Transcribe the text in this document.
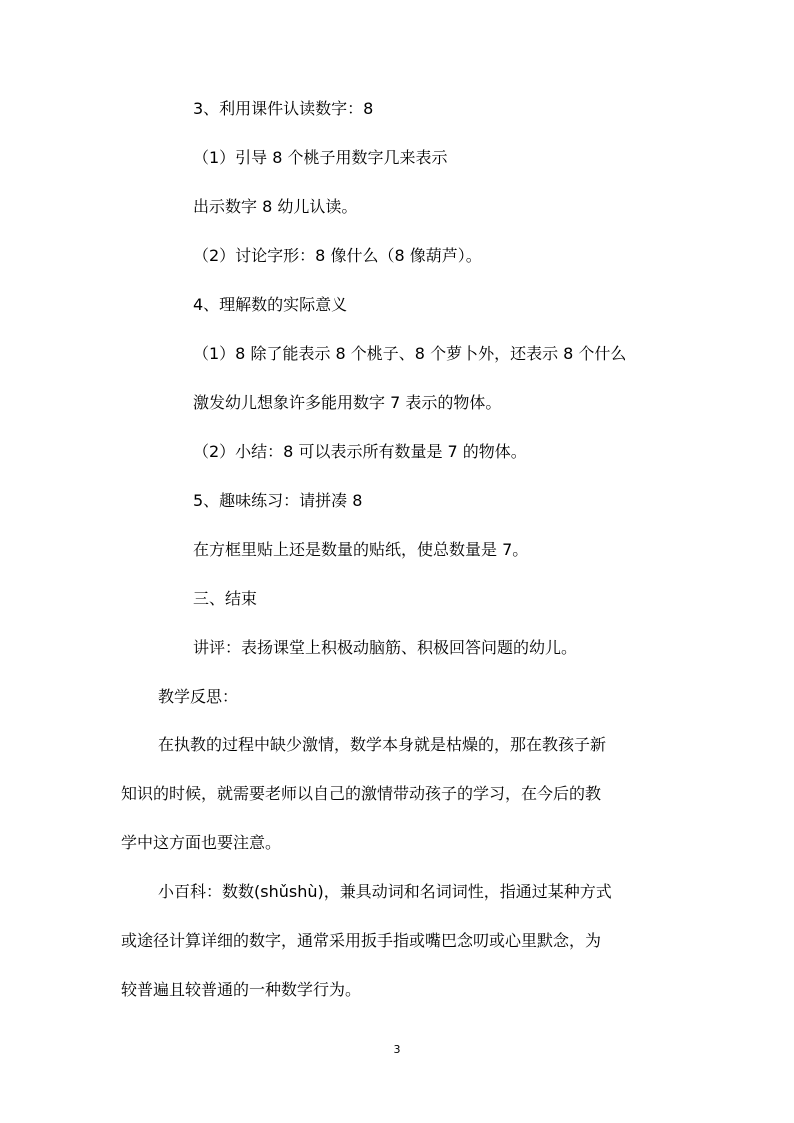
3、利用课件认读数字：8

（1）引导 8 个桃子用数字几来表示

出示数字 8 幼儿认读。

（2）讨论字形：8 像什么（8 像葫芦）。

4、理解数的实际意义

（1）8 除了能表示 8 个桃子、8 个萝卜外，还表示 8 个什么

激发幼儿想象许多能用数字 7 表示的物体。

（2）小结：8 可以表示所有数量是 7 的物体。

5、趣味练习：请拼凑 8

在方框里贴上还是数量的贴纸，使总数量是 7。

三、结束

讲评：表扬课堂上积极动脑筋、积极回答问题的幼儿。

教学反思：

在执教的过程中缺少激情，数学本身就是枯燥的，那在教孩子新

知识的时候，就需要老师以自己的激情带动孩子的学习，在今后的教

学中这方面也要注意。

小百科：数数(shǔshù)，兼具动词和名词词性，指通过某种方式

或途径计算详细的数字，通常采用扳手指或嘴巴念叨或心里默念，为

较普遍且较普通的一种数学行为。

3
